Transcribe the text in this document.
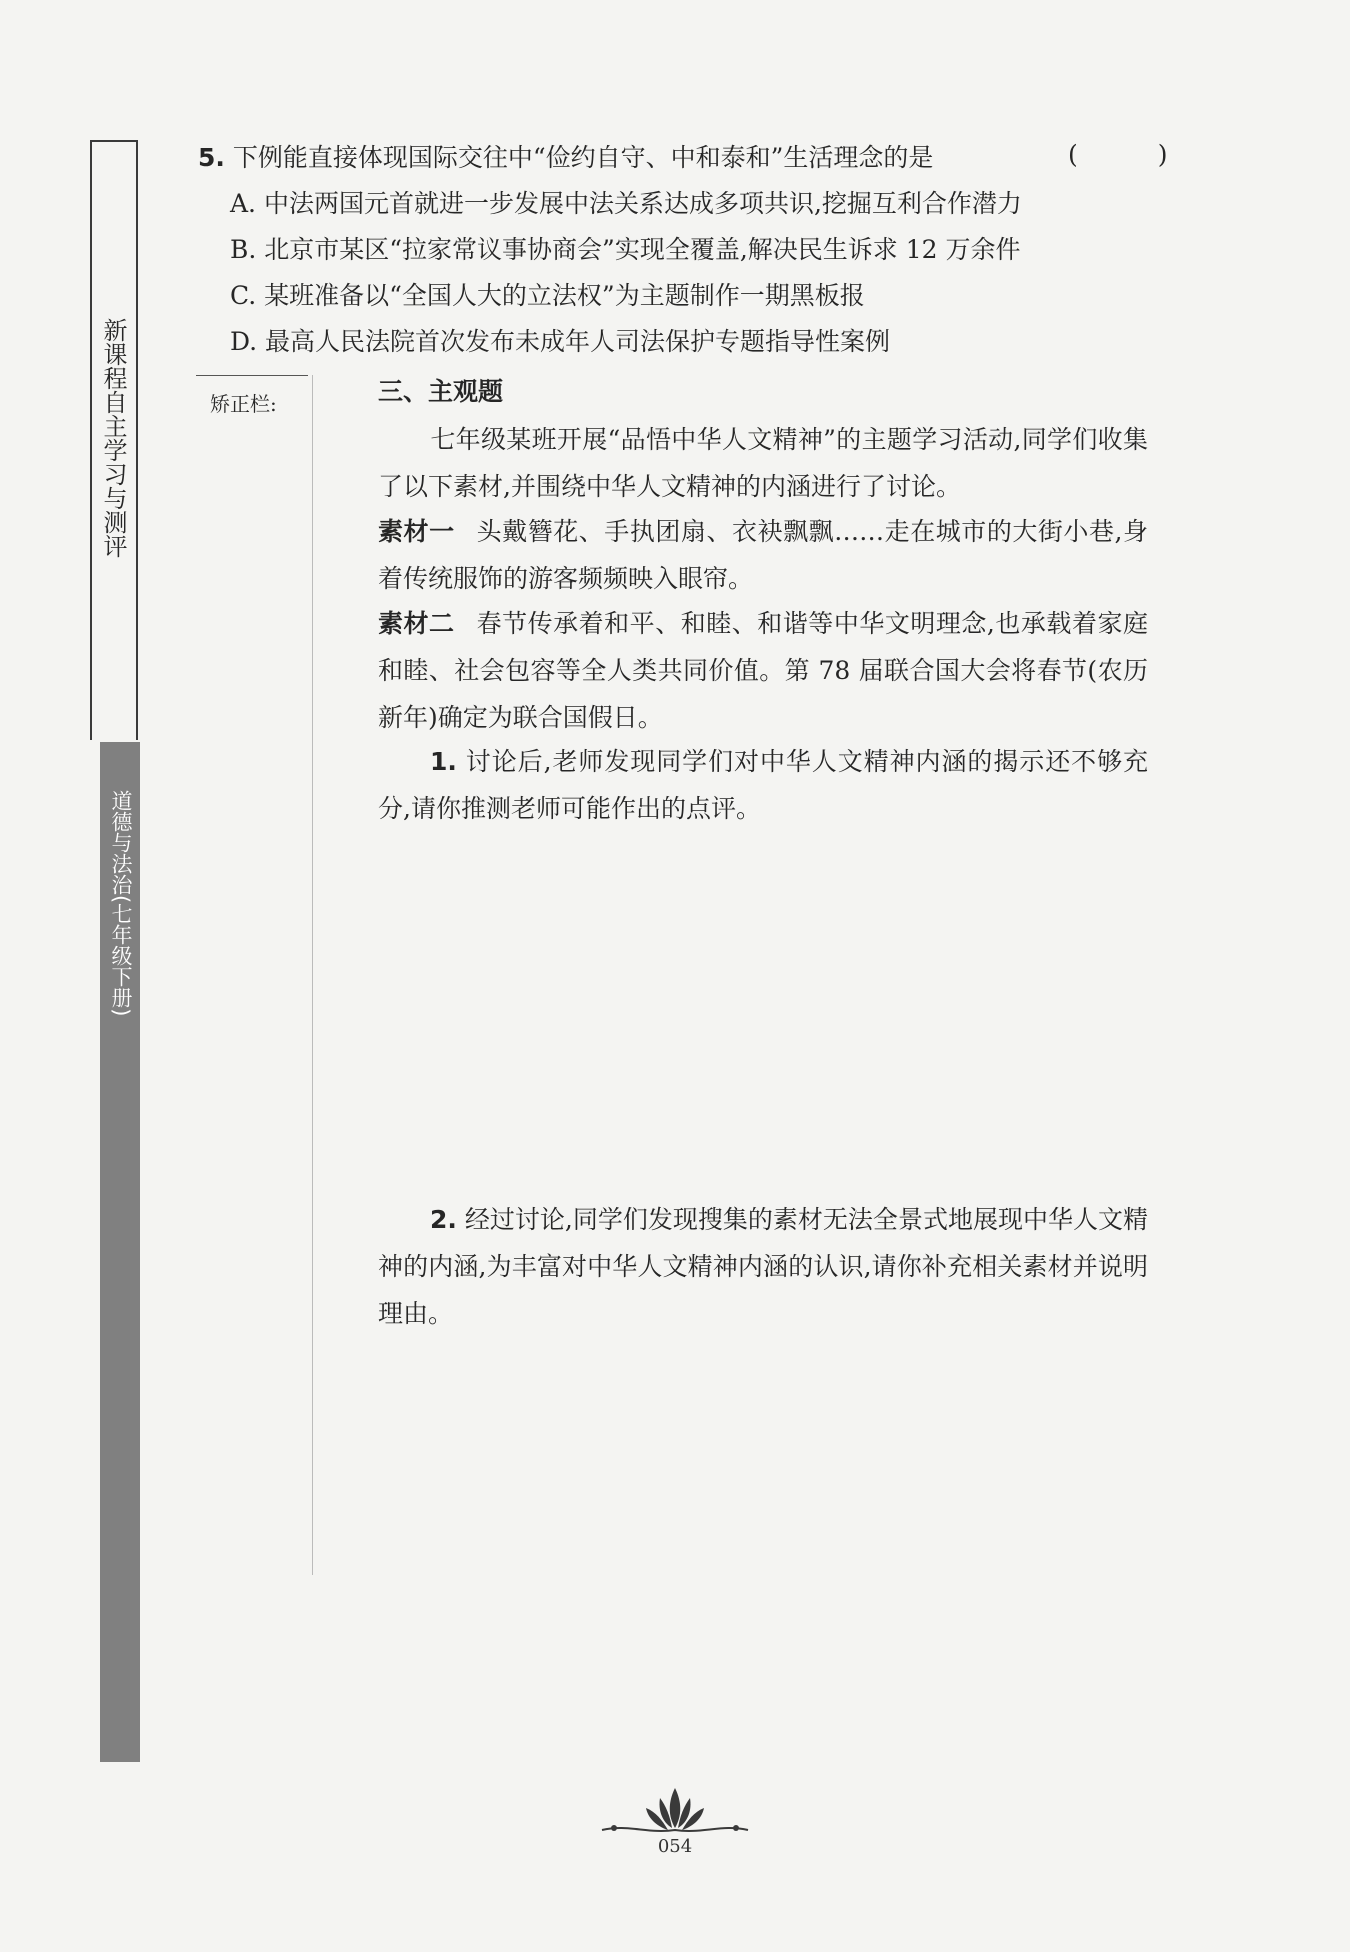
新课程自主学习与测评
道德与法治(七年级下册)
矫正栏:
5. 下例能直接体现国际交往中“俭约自守、中和泰和”生活理念的是	( )
A. 中法两国元首就进一步发展中法关系达成多项共识,挖掘互利合作潜力
B. 北京市某区“拉家常议事协商会”实现全覆盖,解决民生诉求 12 万余件
C. 某班准备以“全国人大的立法权”为主题制作一期黑板报
D. 最高人民法院首次发布未成年人司法保护专题指导性案例
三、主观题
七年级某班开展“品悟中华人文精神”的主题学习活动,同学们收集了以下素材,并围绕中华人文精神的内涵进行了讨论。
素材一 头戴簪花、手执团扇、衣袂飘飘……走在城市的大街小巷,身着传统服饰的游客频频映入眼帘。
素材二 春节传承着和平、和睦、和谐等中华文明理念,也承载着家庭和睦、社会包容等全人类共同价值。第 78 届联合国大会将春节(农历新年)确定为联合国假日。
1. 讨论后,老师发现同学们对中华人文精神内涵的揭示还不够充分,请你推测老师可能作出的点评。
2. 经过讨论,同学们发现搜集的素材无法全景式地展现中华人文精神的内涵,为丰富对中华人文精神内涵的认识,请你补充相关素材并说明理由。
054
